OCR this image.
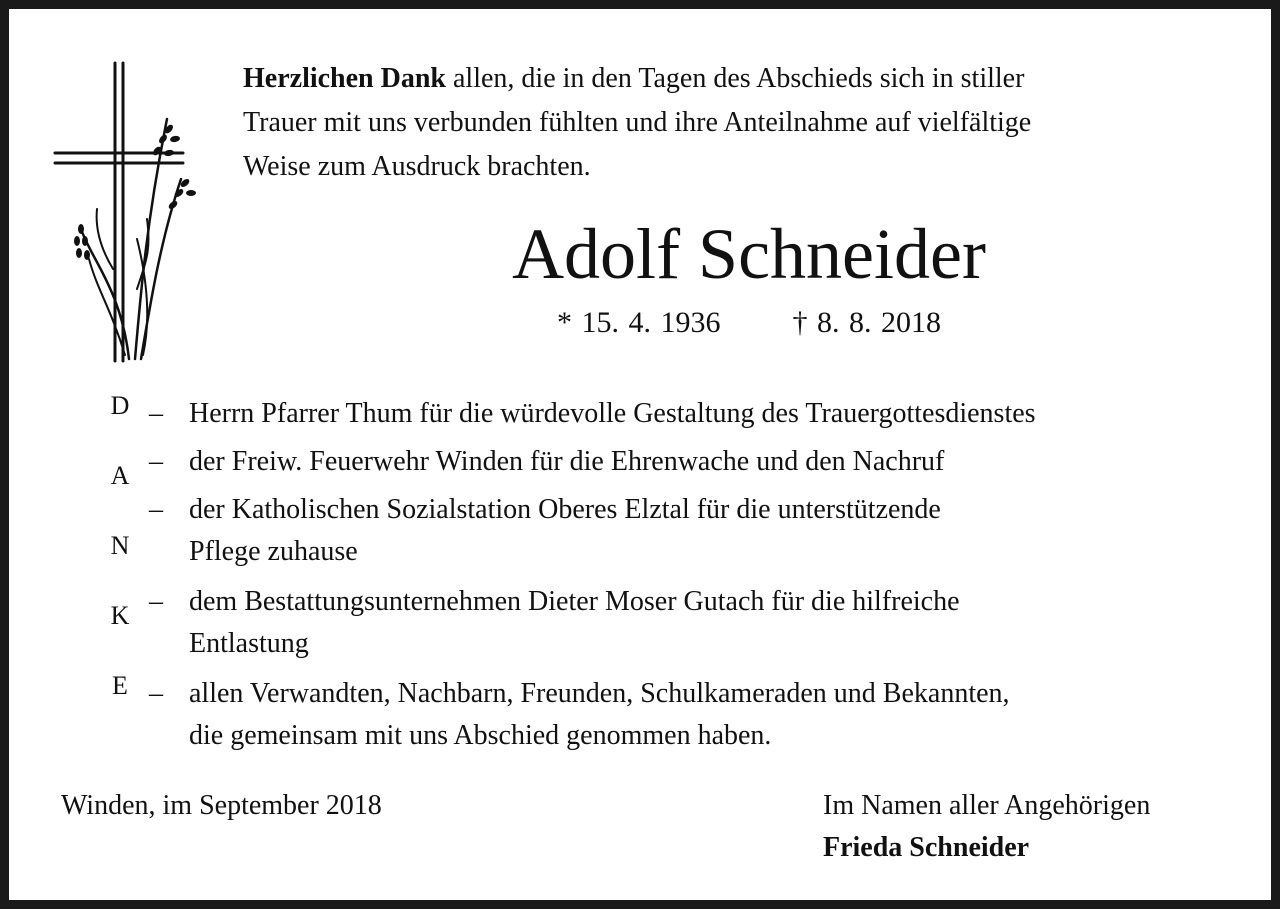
Herzlichen Dank allen, die in den Tagen des Abschieds sich in stiller
Trauer mit uns verbunden fühlten und ihre Anteilnahme auf vielfältige
Weise zum Ausdruck brachten.
Adolf Schneider
* 15. 4. 1936 † 8. 8. 2018
D
A
N
K
E
– Herrn Pfarrer Thum für die würdevolle Gestaltung des Trauergottesdienstes
– der Freiw. Feuerwehr Winden für die Ehrenwache und den Nachruf
– der Katholischen Sozialstation Oberes Elztal für die unterstützende
Pflege zuhause
– dem Bestattungsunternehmen Dieter Moser Gutach für die hilfreiche
Entlastung
– allen Verwandten, Nachbarn, Freunden, Schulkameraden und Bekannten,
die gemeinsam mit uns Abschied genommen haben.
Winden, im September 2018	Im Namen aller Angehörigen
Frieda Schneider
